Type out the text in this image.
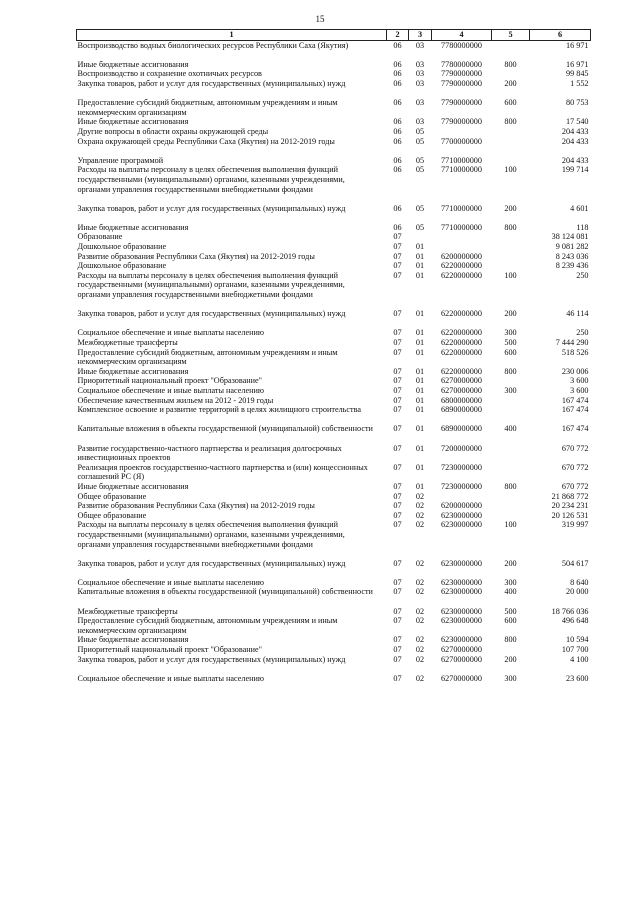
15
1	2	3	4	5	6
Воспроизводство водных биологических ресурсов Республики Саха (Якутия)	06	03	7780000000		16 971
Иные бюджетные ассигнования	06	03	7780000000	800	16 971
Воспроизводство и сохранение охотничьих ресурсов	06	03	7790000000		99 845
Закупка товаров, работ и услуг для государственных (муниципальных) нужд	06	03	7790000000	200	1 552
Предоставление субсидий бюджетным, автономным учреждениям и иным некоммерческим организациям	06	03	7790000000	600	80 753
Иные бюджетные ассигнования	06	03	7790000000	800	17 540
Другие вопросы в области охраны окружающей среды	06	05			204 433
Охрана окружающей среды Республики Саха (Якутия) на 2012-2019 годы	06	05	7700000000		204 433
Управление программой	06	05	7710000000		204 433
Расходы на выплаты персоналу в целях обеспечения выполнения функций государственными (муниципальными) органами, казенными учреждениями, органами управления государственными внебюджетными фондами	06	05	7710000000	100	199 714
Закупка товаров, работ и услуг для государственных (муниципальных) нужд	06	05	7710000000	200	4 601
Иные бюджетные ассигнования	06	05	7710000000	800	118
Образование	07				38 124 081
Дошкольное образование	07	01			9 081 282
Развитие образования Республики Саха (Якутия) на 2012-2019 годы	07	01	6200000000		8 243 036
Дошкольное образование	07	01	6220000000		8 239 436
Расходы на выплаты персоналу в целях обеспечения выполнения функций государственными (муниципальными) органами, казенными учреждениями, органами управления государственными внебюджетными фондами	07	01	6220000000	100	250
Закупка товаров, работ и услуг для государственных (муниципальных) нужд	07	01	6220000000	200	46 114
Социальное обеспечение и иные выплаты населению	07	01	6220000000	300	250
Межбюджетные трансферты	07	01	6220000000	500	7 444 290
Предоставление субсидий бюджетным, автономным учреждениям и иным некоммерческим организациям	07	01	6220000000	600	518 526
Иные бюджетные ассигнования	07	01	6220000000	800	230 006
Приоритетный национальный проект "Образование"	07	01	6270000000		3 600
Социальное обеспечение и иные выплаты населению	07	01	6270000000	300	3 600
Обеспечение качественным жильем на 2012 - 2019 годы	07	01	6800000000		167 474
Комплексное освоение и развитие территорий в целях жилищного строительства	07	01	6890000000		167 474
Капитальные вложения в объекты государственной (муниципальной) собственности	07	01	6890000000	400	167 474
Развитие государственно-частного партнерства и реализация долгосрочных инвестиционных проектов	07	01	7200000000		670 772
Реализация проектов государственно-частного партнерства и (или) концессионных соглашений РС (Я)	07	01	7230000000		670 772
Иные бюджетные ассигнования	07	01	7230000000	800	670 772
Общее образование	07	02			21 868 772
Развитие образования Республики Саха (Якутия) на 2012-2019 годы	07	02	6200000000		20 234 231
Общее образование	07	02	6230000000		20 126 531
Расходы на выплаты персоналу в целях обеспечения выполнения функций государственными (муниципальными) органами, казенными учреждениями, органами управления государственными внебюджетными фондами	07	02	6230000000	100	319 997
Закупка товаров, работ и услуг для государственных (муниципальных) нужд	07	02	6230000000	200	504 617
Социальное обеспечение и иные выплаты населению	07	02	6230000000	300	8 640
Капитальные вложения в объекты государственной (муниципальной) собственности	07	02	6230000000	400	20 000
Межбюджетные трансферты	07	02	6230000000	500	18 766 036
Предоставление субсидий бюджетным, автономным учреждениям и иным некоммерческим организациям	07	02	6230000000	600	496 648
Иные бюджетные ассигнования	07	02	6230000000	800	10 594
Приоритетный национальный проект "Образование"	07	02	6270000000		107 700
Закупка товаров, работ и услуг для государственных (муниципальных) нужд	07	02	6270000000	200	4 100
Социальное обеспечение и иные выплаты населению	07	02	6270000000	300	23 600
